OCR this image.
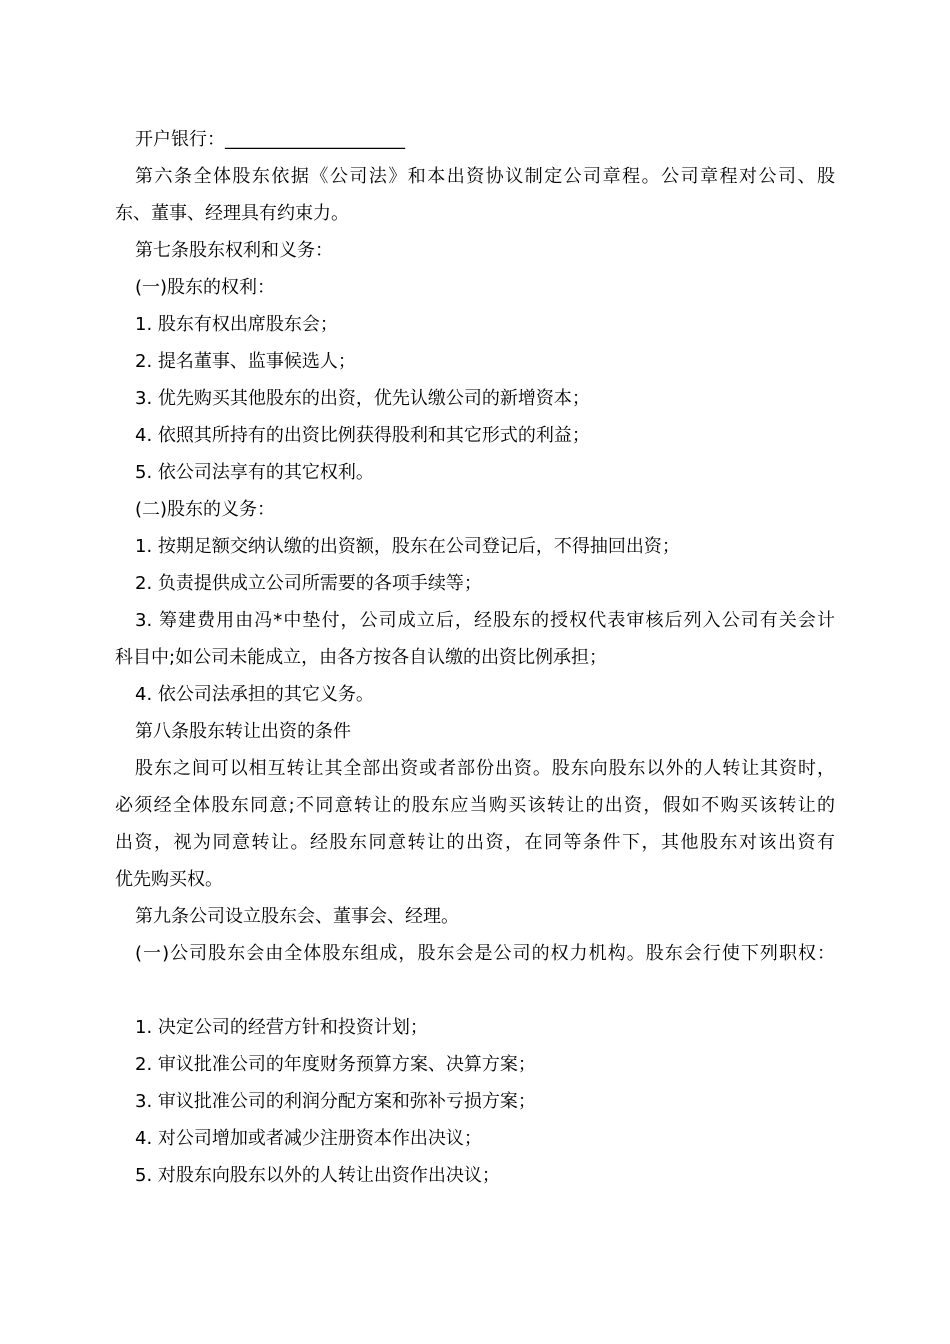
开户银行：____________________

第六条全体股东依据《公司法》和本出资协议制定公司章程。公司章程对公司、股

东、董事、经理具有约束力。

第七条股东权利和义务：

(一)股东的权利：

1. 股东有权出席股东会；

2. 提名董事、监事候选人；

3. 优先购买其他股东的出资，优先认缴公司的新增资本；

4. 依照其所持有的出资比例获得股利和其它形式的利益；

5. 依公司法享有的其它权利。

(二)股东的义务：

1. 按期足额交纳认缴的出资额，股东在公司登记后，不得抽回出资；

2. 负责提供成立公司所需要的各项手续等；

3. 筹建费用由冯*中垫付，公司成立后，经股东的授权代表审核后列入公司有关会计

科目中;如公司未能成立，由各方按各自认缴的出资比例承担；

4. 依公司法承担的其它义务。

第八条股东转让出资的条件

股东之间可以相互转让其全部出资或者部份出资。股东向股东以外的人转让其资时，

必须经全体股东同意;不同意转让的股东应当购买该转让的出资，假如不购买该转让的

出资，视为同意转让。经股东同意转让的出资，在同等条件下，其他股东对该出资有

优先购买权。

第九条公司设立股东会、董事会、经理。

(一)公司股东会由全体股东组成，股东会是公司的权力机构。股东会行使下列职权：

1. 决定公司的经营方针和投资计划；

2. 审议批准公司的年度财务预算方案、决算方案；

3. 审议批准公司的利润分配方案和弥补亏损方案；

4. 对公司增加或者减少注册资本作出决议；

5. 对股东向股东以外的人转让出资作出决议；
